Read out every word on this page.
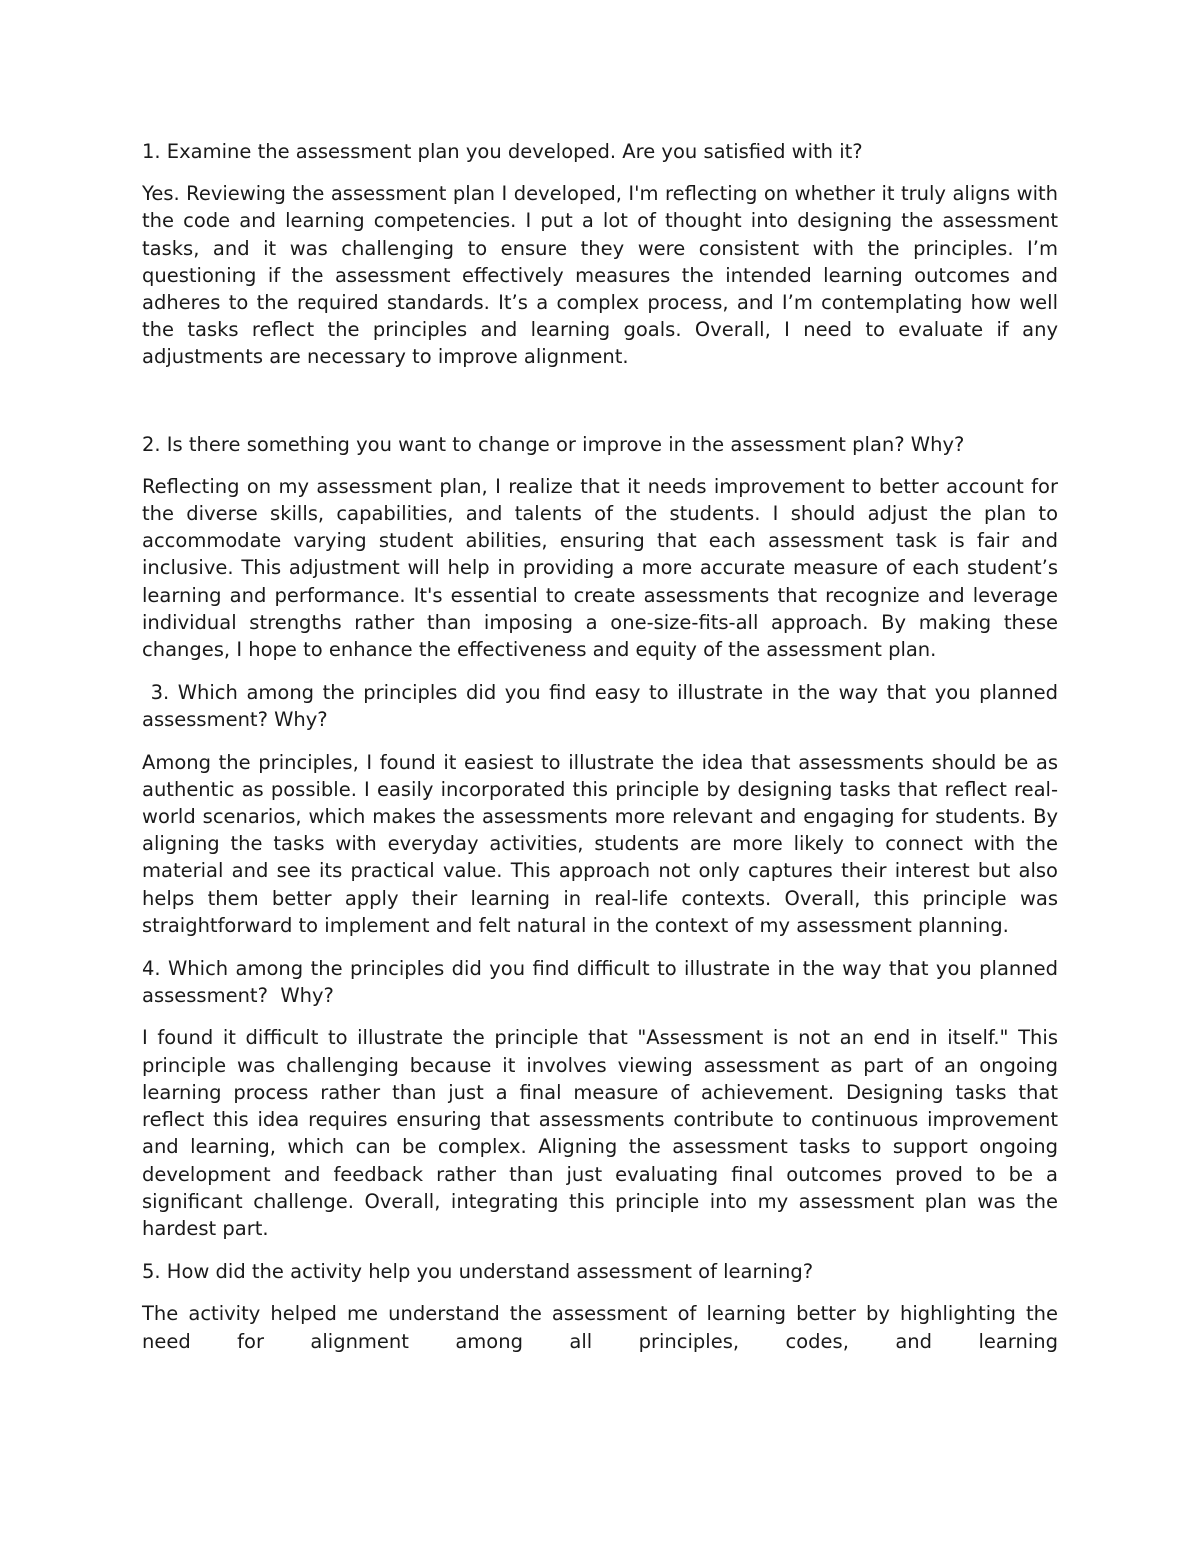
1. Examine the assessment plan you developed. Are you satisfied with it?

Yes. Reviewing the assessment plan I developed, I'm reflecting on whether it truly aligns with the code and learning competencies. I put a lot of thought into designing the assessment tasks, and it was challenging to ensure they were consistent with the principles. I’m questioning if the assessment effectively measures the intended learning outcomes and adheres to the required standards. It’s a complex process, and I’m contemplating how well the tasks reflect the principles and learning goals. Overall, I need to evaluate if any adjustments are necessary to improve alignment.

2. Is there something you want to change or improve in the assessment plan? Why?

Reflecting on my assessment plan, I realize that it needs improvement to better account for the diverse skills, capabilities, and talents of the students. I should adjust the plan to accommodate varying student abilities, ensuring that each assessment task is fair and inclusive. This adjustment will help in providing a more accurate measure of each student’s learning and performance. It's essential to create assessments that recognize and leverage individual strengths rather than imposing a one-size-fits-all approach. By making these changes, I hope to enhance the effectiveness and equity of the assessment plan.

3. Which among the principles did you find easy to illustrate in the way that you planned assessment? Why?

Among the principles, I found it easiest to illustrate the idea that assessments should be as authentic as possible. I easily incorporated this principle by designing tasks that reflect real-world scenarios, which makes the assessments more relevant and engaging for students. By aligning the tasks with everyday activities, students are more likely to connect with the material and see its practical value. This approach not only captures their interest but also helps them better apply their learning in real-life contexts. Overall, this principle was straightforward to implement and felt natural in the context of my assessment planning.

4. Which among the principles did you find difficult to illustrate in the way that you planned assessment?  Why?

I found it difficult to illustrate the principle that "Assessment is not an end in itself." This principle was challenging because it involves viewing assessment as part of an ongoing learning process rather than just a final measure of achievement. Designing tasks that reflect this idea requires ensuring that assessments contribute to continuous improvement and learning, which can be complex. Aligning the assessment tasks to support ongoing development and feedback rather than just evaluating final outcomes proved to be a significant challenge. Overall, integrating this principle into my assessment plan was the hardest part.

5. How did the activity help you understand assessment of learning?

The activity helped me understand the assessment of learning better by highlighting the need for alignment among all principles, codes, and learning
